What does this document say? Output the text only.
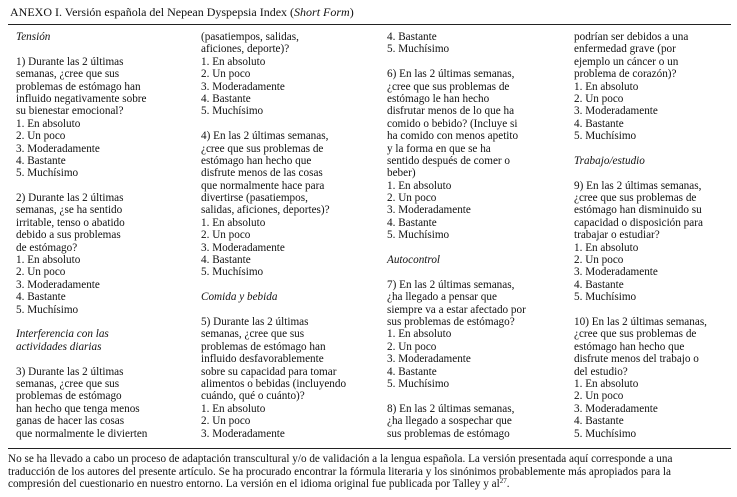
ANEXO I. Versión española del Nepean Dyspepsia Index (Short Form)
Tensión
1) Durante las 2 últimas
semanas, ¿cree que sus
problemas de estómago han
influido negativamente sobre
su bienestar emocional?
1. En absoluto
2. Un poco
3. Moderadamente
4. Bastante
5. Muchísimo
2) Durante las 2 últimas
semanas, ¿se ha sentido
irritable, tenso o abatido
debido a sus problemas
de estómago?
1. En absoluto
2. Un poco
3. Moderadamente
4. Bastante
5. Muchísimo
Interferencia con las
actividades diarias
3) Durante las 2 últimas
semanas, ¿cree que sus
problemas de estómago
han hecho que tenga menos
ganas de hacer las cosas
que normalmente le divierten
(pasatiempos, salidas,
aficiones, deporte)?
1. En absoluto
2. Un poco
3. Moderadamente
4. Bastante
5. Muchísimo
4) En las 2 últimas semanas,
¿cree que sus problemas de
estómago han hecho que
disfrute menos de las cosas
que normalmente hace para
divertirse (pasatiempos,
salidas, aficiones, deportes)?
1. En absoluto
2. Un poco
3. Moderadamente
4. Bastante
5. Muchísimo
Comida y bebida
5) Durante las 2 últimas
semanas, ¿cree que sus
problemas de estómago han
influido desfavorablemente
sobre su capacidad para tomar
alimentos o bebidas (incluyendo
cuándo, qué o cuánto)?
1. En absoluto
2. Un poco
3. Moderadamente
4. Bastante
5. Muchísimo
6) En las 2 últimas semanas,
¿cree que sus problemas de
estómago le han hecho
disfrutar menos de lo que ha
comido o bebido? (Incluye si
ha comido con menos apetito
y la forma en que se ha
sentido después de comer o
beber)
1. En absoluto
2. Un poco
3. Moderadamente
4. Bastante
5. Muchísimo
Autocontrol
7) En las 2 últimas semanas,
¿ha llegado a pensar que
siempre va a estar afectado por
sus problemas de estómago?
1. En absoluto
2. Un poco
3. Moderadamente
4. Bastante
5. Muchísimo
8) En las 2 últimas semanas,
¿ha llegado a sospechar que
sus problemas de estómago
podrían ser debidos a una
enfermedad grave (por
ejemplo un cáncer o un
problema de corazón)?
1. En absoluto
2. Un poco
3. Moderadamente
4. Bastante
5. Muchísimo
Trabajo/estudio
9) En las 2 últimas semanas,
¿cree que sus problemas de
estómago han disminuido su
capacidad o disposición para
trabajar o estudiar?
1. En absoluto
2. Un poco
3. Moderadamente
4. Bastante
5. Muchísimo
10) En las 2 últimas semanas,
¿cree que sus problemas de
estómago han hecho que
disfrute menos del trabajo o
del estudio?
1. En absoluto
2. Un poco
3. Moderadamente
4. Bastante
5. Muchísimo
No se ha llevado a cabo un proceso de adaptación transcultural y/o de validación a la lengua española. La versión presentada aquí corresponde a una
traducción de los autores del presente artículo. Se ha procurado encontrar la fórmula literaria y los sinónimos probablemente más apropiados para la
compresión del cuestionario en nuestro entorno. La versión en el idioma original fue publicada por Talley y $al^{27}$.
